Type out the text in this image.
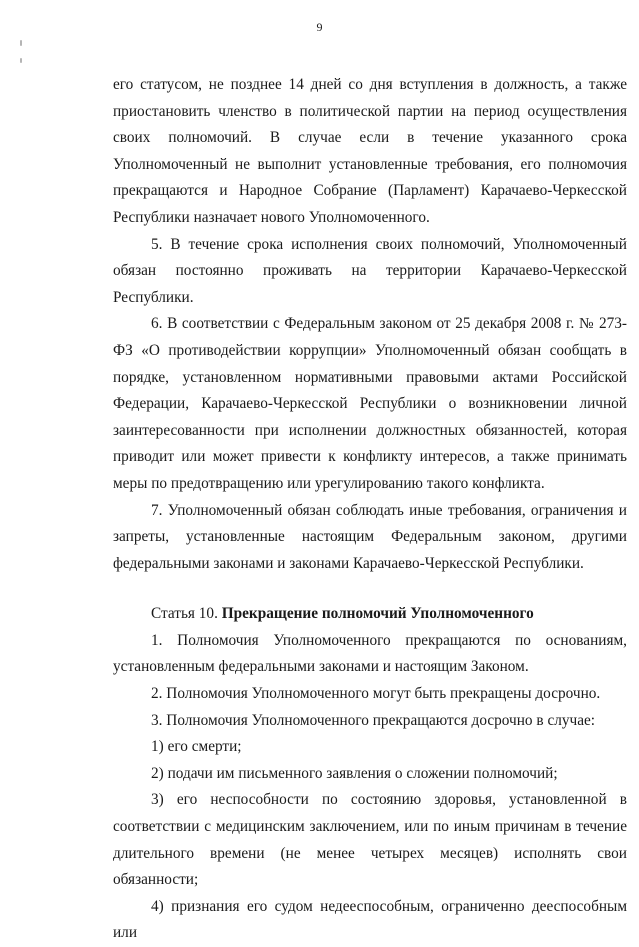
9

его статусом, не позднее 14 дней со дня вступления в должность, а также приостановить членство в политической партии на период осуществления своих полномочий. В случае если в течение указанного срока Уполномоченный не выполнит установленные требования, его полномочия прекращаются и Народное Собрание (Парламент) Карачаево-Черкесской Республики назначает нового Уполномоченного.

5. В течение срока исполнения своих полномочий, Уполномоченный обязан постоянно проживать на территории Карачаево-Черкесской Республики.

6. В соответствии с Федеральным законом от 25 декабря 2008 г. № 273-ФЗ «О противодействии коррупции» Уполномоченный обязан сообщать в порядке, установленном нормативными правовыми актами Российской Федерации, Карачаево-Черкесской Республики о возникновении личной заинтересованности при исполнении должностных обязанностей, которая приводит или может привести к конфликту интересов, а также принимать меры по предотвращению или урегулированию такого конфликта.

7. Уполномоченный обязан соблюдать иные требования, ограничения и запреты, установленные настоящим Федеральным законом, другими федеральными законами и законами Карачаево-Черкесской Республики.

Статья 10. Прекращение полномочий Уполномоченного

1. Полномочия Уполномоченного прекращаются по основаниям, установленным федеральными законами и настоящим Законом.

2. Полномочия Уполномоченного могут быть прекращены досрочно.

3. Полномочия Уполномоченного прекращаются досрочно в случае:

1) его смерти;

2) подачи им письменного заявления о сложении полномочий;

3) его неспособности по состоянию здоровья, установленной в соответствии с медицинским заключением, или по иным причинам в течение длительного времени (не менее четырех месяцев) исполнять свои обязанности;

4) признания его судом недееспособным, ограниченно дееспособным или
